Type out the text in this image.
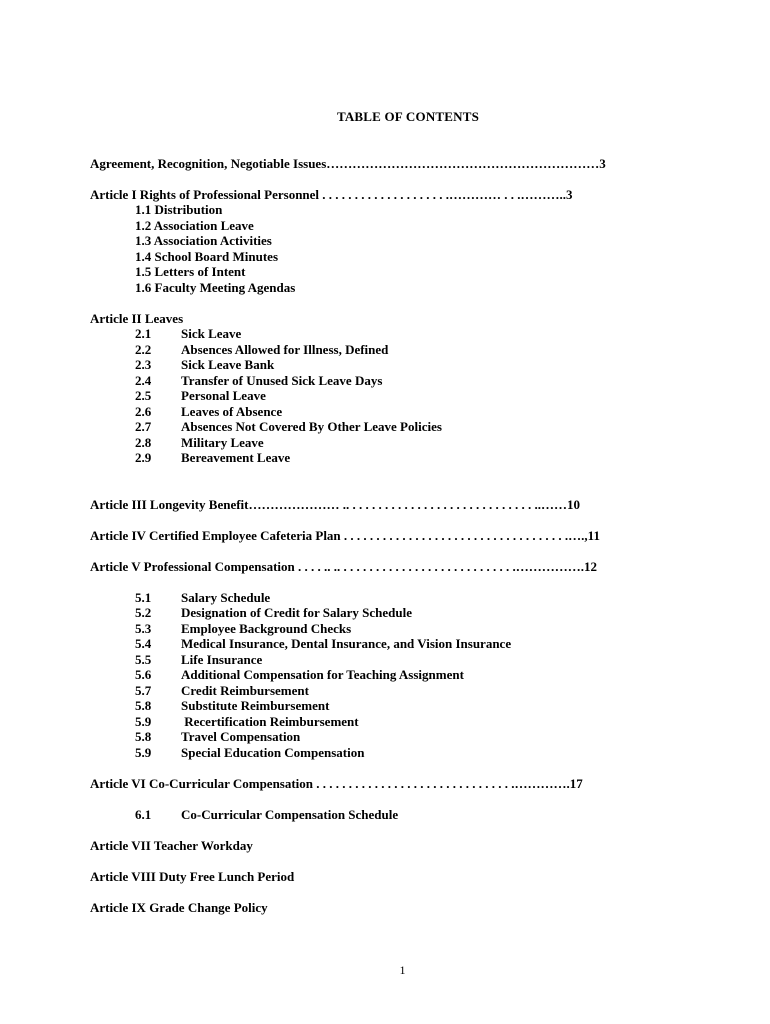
TABLE OF CONTENTS
Agreement, Recognition, Negotiable Issues………………………………………………………3
Article I Rights of Professional Personnel . . . . . . . . . . . . . . . . . . . .………… . . .………..3
1.1 Distribution
1.2 Association Leave
1.3 Association Activities
1.4 School Board Minutes
1.5 Letters of Intent
1.6 Faculty Meeting Agendas
Article II Leaves
2.1 Sick Leave
2.2 Absences Allowed for Illness, Defined
2.3 Sick Leave Bank
2.4 Transfer of Unused Sick Leave Days
2.5 Personal Leave
2.6 Leaves of Absence
2.7 Absences Not Covered By Other Leave Policies
2.8 Military Leave
2.9 Bereavement Leave
Article III Longevity Benefit………………… .. . . . . . . . . . . . . . . . . . . . . . . . . . . . . ..……10
Article IV Certified Employee Cafeteria Plan . . . . . . . . . . . . . . . . . . . . . . . . . . . . . . . . . . .….,11
Article V Professional Compensation . . . . .. .. . . . . . . . . . . . . . . . . . . . . . . . . . . .…………….12
5.1 Salary Schedule
5.2 Designation of Credit for Salary Schedule
5.3 Employee Background Checks
5.4 Medical Insurance, Dental Insurance, and Vision Insurance
5.5 Life Insurance
5.6 Additional Compensation for Teaching Assignment
5.7 Credit Reimbursement
5.8 Substitute Reimbursement
5.9 Recertification Reimbursement
5.8 Travel Compensation
5.9 Special Education Compensation
Article VI Co-Curricular Compensation . . . . . . . . . . . . . . . . . . . . . . . . . . . . . . .………….17
6.1 Co-Curricular Compensation Schedule
Article VII Teacher Workday
Article VIII Duty Free Lunch Period
Article IX Grade Change Policy
1
